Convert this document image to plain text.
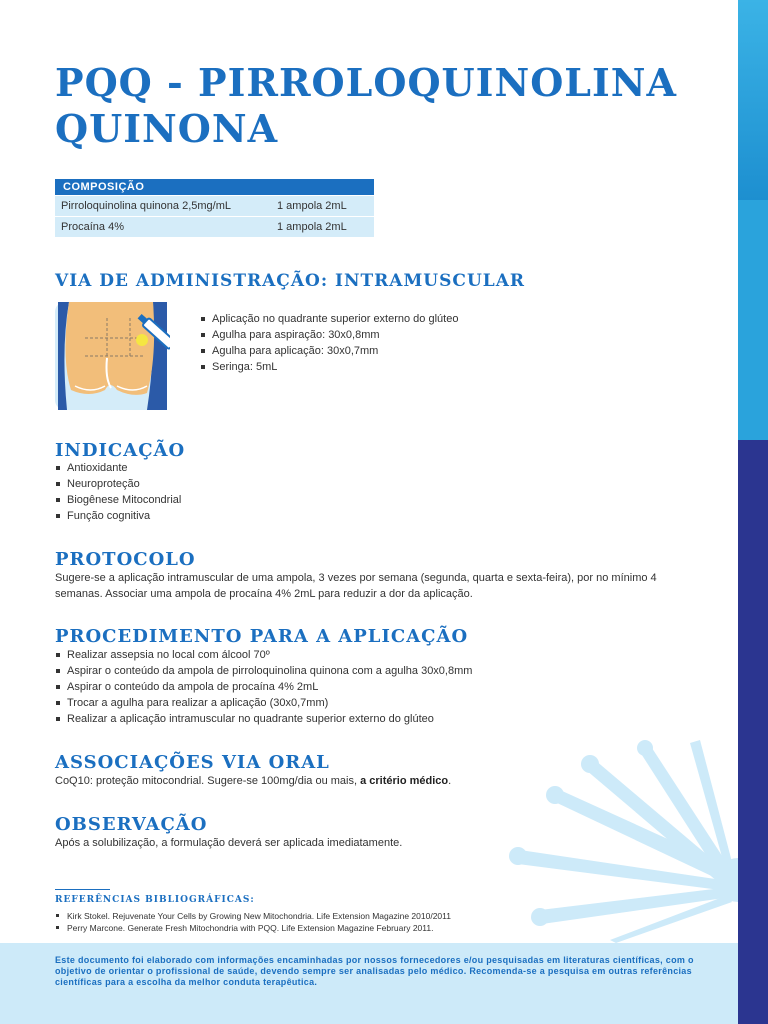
PQQ - PIRROLOQUINOLINA QUINONA
COMPOSIÇÃO
Pirroloquinolina quinona 2,5mg/mL	1 ampola 2mL
Procaína 4%	1 ampola 2mL
VIA DE ADMINISTRAÇÃO: INTRAMUSCULAR
Aplicação no quadrante superior externo do glúteo
Agulha para aspiração: 30x0,8mm
Agulha para aplicação: 30x0,7mm
Seringa: 5mL
INDICAÇÃO
Antioxidante
Neuroproteção
Biogênese Mitocondrial
Função cognitiva
PROTOCOLO
Sugere-se a aplicação intramuscular de uma ampola, 3 vezes por semana (segunda, quarta e sexta-feira), por no mínimo 4 semanas. Associar uma ampola de procaína 4% 2mL para reduzir a dor da aplicação.
PROCEDIMENTO PARA A APLICAÇÃO
Realizar assepsia no local com álcool 70º
Aspirar o conteúdo da ampola de pirroloquinolina quinona com a agulha 30x0,8mm
Aspirar o conteúdo da ampola de procaína 4% 2mL
Trocar a agulha para realizar a aplicação (30x0,7mm)
Realizar a aplicação intramuscular no quadrante superior externo do glúteo
ASSOCIAÇÕES VIA ORAL
CoQ10: proteção mitocondrial. Sugere-se 100mg/dia ou mais, a critério médico.
OBSERVAÇÃO
Após a solubilização, a formulação deverá ser aplicada imediatamente.
REFERÊNCIAS BIBLIOGRÁFICAS:
Kirk Stokel. Rejuvenate Your Cells by Growing New Mitochondria. Life Extension Magazine 2010/2011
Perry Marcone. Generate Fresh Mitochondria with PQQ. Life Extension Magazine February 2011.
Este documento foi elaborado com informações encaminhadas por nossos fornecedores e/ou pesquisadas em literaturas científicas, com o objetivo de orientar o profissional de saúde, devendo sempre ser analisadas pelo médico. Recomenda-se a pesquisa em outras referências científicas para a escolha da melhor conduta terapêutica.
